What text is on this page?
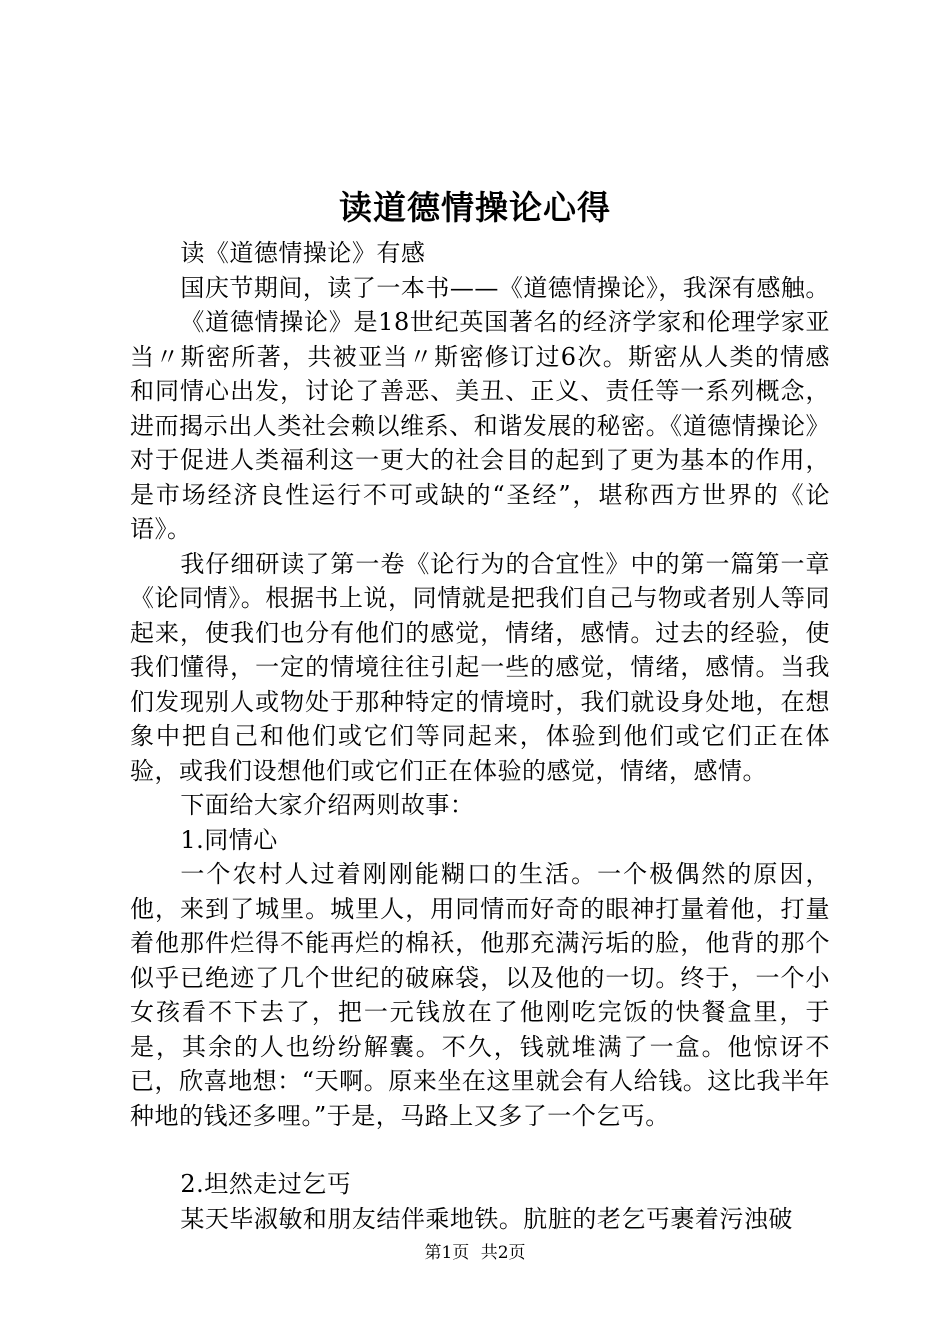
读道德情操论心得

读《道德情操论》有感

国庆节期间，读了一本书——《道德情操论》，我深有感触。

《道德情操论》是18世纪英国著名的经济学家和伦理学家亚当〃斯密所著，共被亚当〃斯密修订过6次。斯密从人类的情感和同情心出发，讨论了善恶、美丑、正义、责任等一系列概念，进而揭示出人类社会赖以维系、和谐发展的秘密。《道德情操论》对于促进人类福利这一更大的社会目的起到了更为基本的作用，是市场经济良性运行不可或缺的“圣经”，堪称西方世界的《论语》。

我仔细研读了第一卷《论行为的合宜性》中的第一篇第一章《论同情》。根据书上说，同情就是把我们自己与物或者别人等同起来，使我们也分有他们的感觉，情绪，感情。过去的经验，使我们懂得，一定的情境往往引起一些的感觉，情绪，感情。当我们发现别人或物处于那种特定的情境时，我们就设身处地，在想象中把自己和他们或它们等同起来，体验到他们或它们正在体验，或我们设想他们或它们正在体验的感觉，情绪，感情。

下面给大家介绍两则故事：

1.同情心

一个农村人过着刚刚能糊口的生活。一个极偶然的原因，他，来到了城里。城里人，用同情而好奇的眼神打量着他，打量着他那件烂得不能再烂的棉袄，他那充满污垢的脸，他背的那个似乎已绝迹了几个世纪的破麻袋，以及他的一切。终于，一个小女孩看不下去了，把一元钱放在了他刚吃完饭的快餐盒里，于是，其余的人也纷纷解囊。不久，钱就堆满了一盒。他惊讶不已，欣喜地想：“天啊。原来坐在这里就会有人给钱。这比我半年种地的钱还多哩。”于是，马路上又多了一个乞丐。

2.坦然走过乞丐

某天毕淑敏和朋友结伴乘地铁。肮脏的老乞丐裹着污浊破

第1页 共2页
